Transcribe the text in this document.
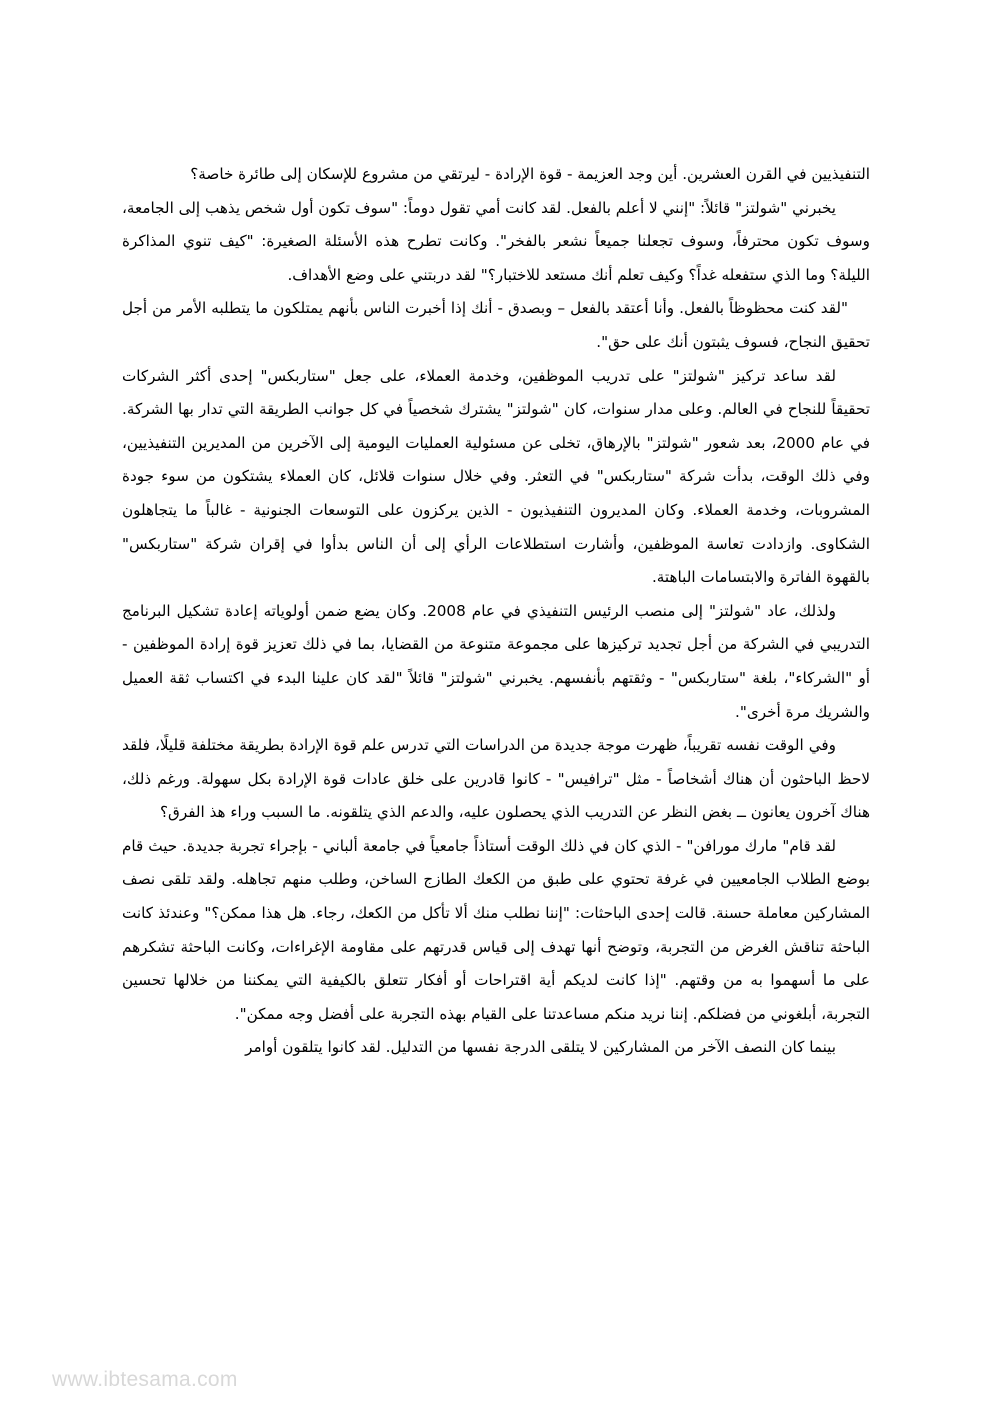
التنفيذيين في القرن العشرين. أين وجد العزيمة - قوة الإرادة - ليرتقي من مشروع للإسكان إلى طائرة خاصة؟

يخبرني "شولتز" قائلاً: "إنني لا أعلم بالفعل. لقد كانت أمي تقول دوماً: "سوف تكون أول شخص يذهب إلى الجامعة، وسوف تكون محترفاً، وسوف تجعلنا جميعاً نشعر بالفخر". وكانت تطرح هذه الأسئلة الصغيرة: "كيف تنوي المذاكرة الليلة؟ وما الذي ستفعله غداً؟ وكيف تعلم أنك مستعد للاختبار؟" لقد دربتني على وضع الأهداف.

"لقد كنت محظوظاً بالفعل. وأنا أعتقد بالفعل – وبصدق - أنك إذا أخبرت الناس بأنهم يمتلكون ما يتطلبه الأمر من أجل تحقيق النجاح، فسوف يثبتون أنك على حق".

لقد ساعد تركيز "شولتز" على تدريب الموظفين، وخدمة العملاء، على جعل "ستاربكس" إحدى أكثر الشركات تحقيقاً للنجاح في العالم. وعلى مدار سنوات، كان "شولتز" يشترك شخصياً في كل جوانب الطريقة التي تدار بها الشركة. في عام 2000، بعد شعور "شولتز" بالإرهاق، تخلى عن مسئولية العمليات اليومية إلى الآخرين من المديرين التنفيذيين، وفي ذلك الوقت، بدأت شركة "ستاربكس" في التعثر. وفي خلال سنوات قلائل، كان العملاء يشتكون من سوء جودة المشروبات، وخدمة العملاء. وكان المديرون التنفيذيون - الذين يركزون على التوسعات الجنونية - غالباً ما يتجاهلون الشكاوى. وازدادت تعاسة الموظفين، وأشارت استطلاعات الرأي إلى أن الناس بدأوا في إقران شركة "ستاربكس" بالقهوة الفاترة والابتسامات الباهتة.

ولذلك، عاد "شولتز" إلى منصب الرئيس التنفيذي في عام 2008. وكان يضع ضمن أولوياته إعادة تشكيل البرنامج التدريبي في الشركة من أجل تجديد تركيزها على مجموعة متنوعة من القضايا، بما في ذلك تعزيز قوة إرادة الموظفين - أو "الشركاء"، بلغة "ستاربكس" - وثقتهم بأنفسهم. يخبرني "شولتز" قائلاً "لقد كان علينا البدء في اكتساب ثقة العميل والشريك مرة أخرى".

وفي الوقت نفسه تقريباً، ظهرت موجة جديدة من الدراسات التي تدرس علم قوة الإرادة بطريقة مختلفة قليلًا، فلقد لاحظ الباحثون أن هناك أشخاصاً - مثل "ترافيس" - كانوا قادرين على خلق عادات قوة الإرادة بكل سهولة. ورغم ذلك، هناك آخرون يعانون ــ بغض النظر عن التدريب الذي يحصلون عليه، والدعم الذي يتلقونه. ما السبب وراء هذ الفرق؟

لقد قام" مارك مورافن" - الذي كان في ذلك الوقت أستاذاً جامعياً في جامعة ألباني - بإجراء تجربة جديدة. حيث قام بوضع الطلاب الجامعيين في غرفة تحتوي على طبق من الكعك الطازج الساخن، وطلب منهم تجاهله. ولقد تلقى نصف المشاركين معاملة حسنة. قالت إحدى الباحثات: "إننا نطلب منك ألا تأكل من الكعك، رجاء. هل هذا ممكن؟" وعندئذ كانت الباحثة تناقش الغرض من التجربة، وتوضح أنها تهدف إلى قياس قدرتهم على مقاومة الإغراءات، وكانت الباحثة تشكرهم على ما أسهموا به من وقتهم. "إذا كانت لديكم أية اقتراحات أو أفكار تتعلق بالكيفية التي يمكننا من خلالها تحسين التجربة، أبلغوني من فضلكم. إننا نريد منكم مساعدتنا على القيام بهذه التجربة على أفضل وجه ممكن".

بينما كان النصف الآخر من المشاركين لا يتلقى الدرجة نفسها من التدليل. لقد كانوا يتلقون أوامر

www.ibtesama.com
